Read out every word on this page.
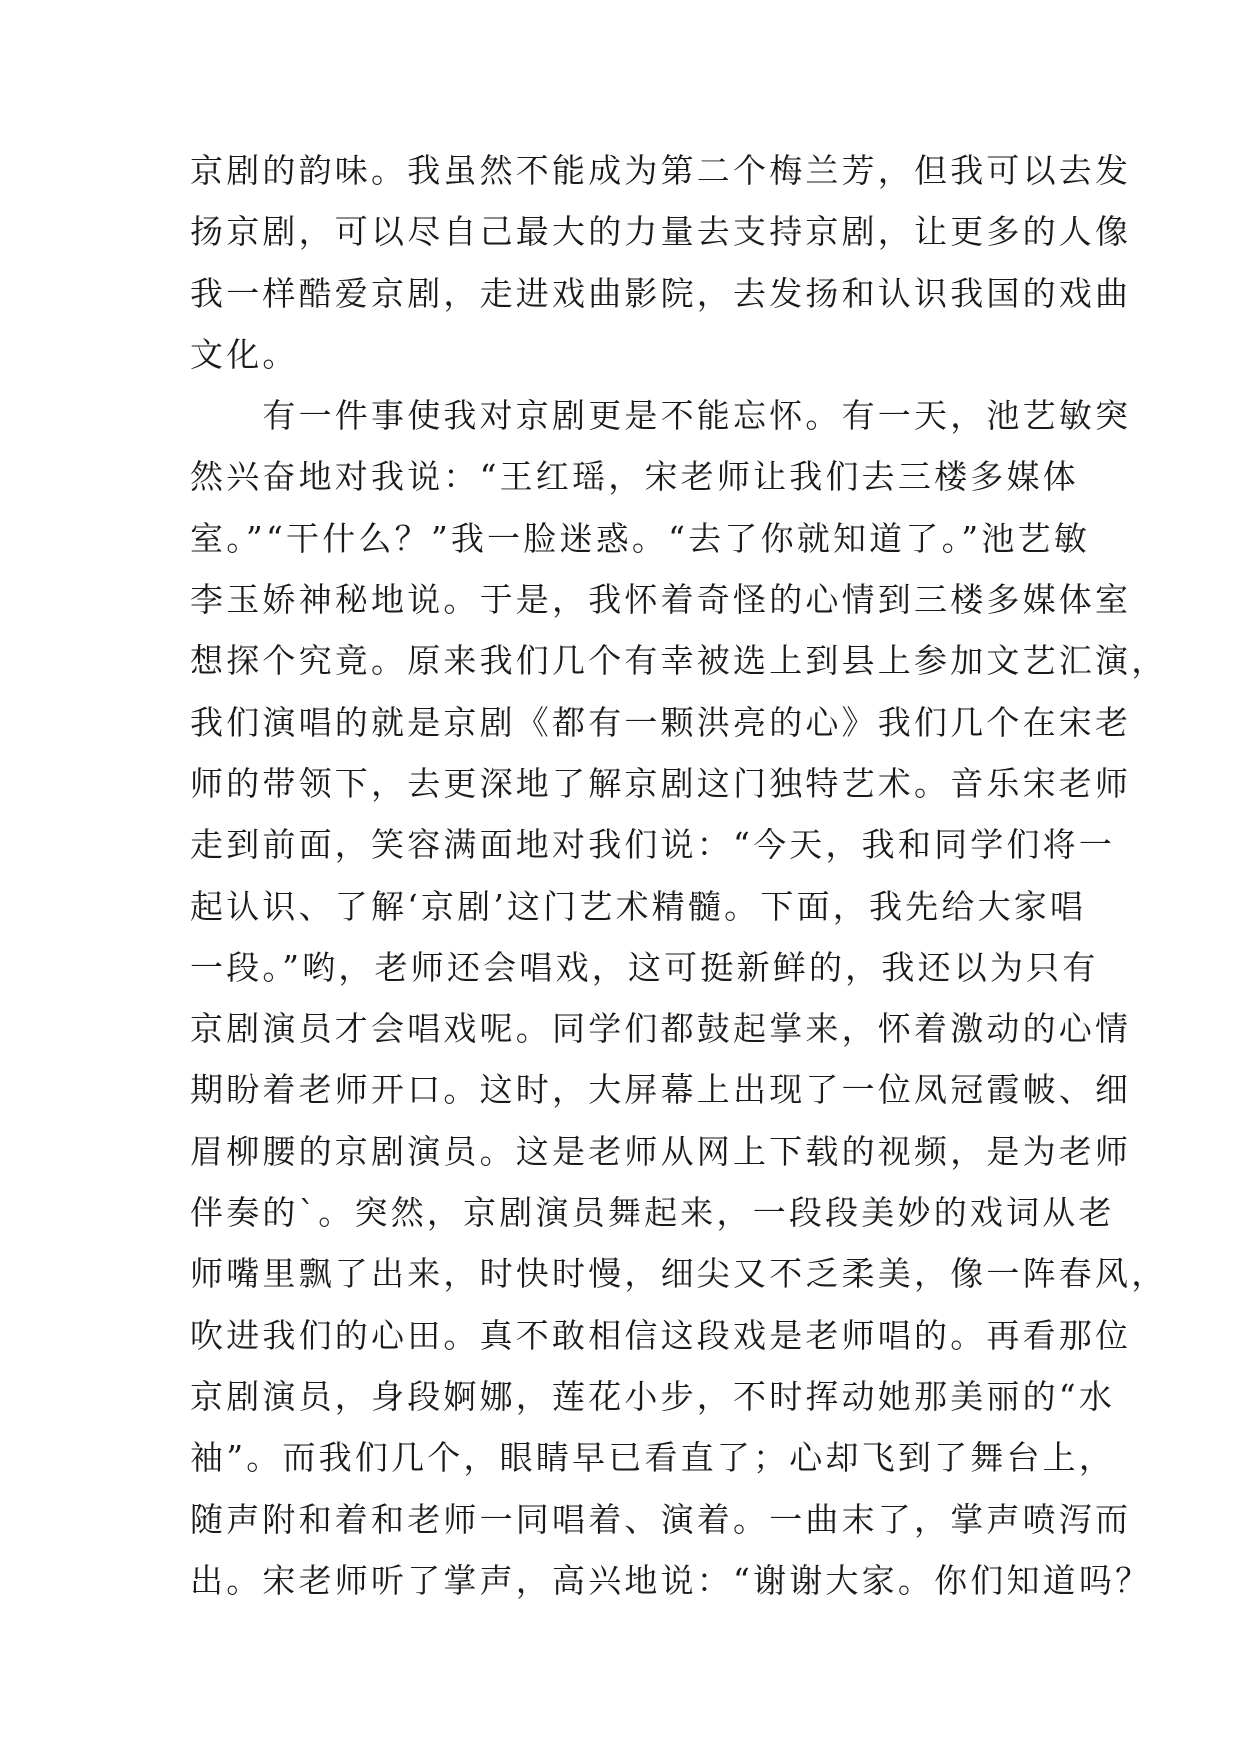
京剧的韵味。我虽然不能成为第二个梅兰芳，但我可以去发
扬京剧，可以尽自己最大的力量去支持京剧，让更多的人像
我一样酷爱京剧，走进戏曲影院，去发扬和认识我国的戏曲
文化。
　　有一件事使我对京剧更是不能忘怀。有一天，池艺敏突
然兴奋地对我说：“王红瑶，宋老师让我们去三楼多媒体
室。”“干什么？”我一脸迷惑。“去了你就知道了。”池艺敏
李玉娇神秘地说。于是，我怀着奇怪的心情到三楼多媒体室
想探个究竟。原来我们几个有幸被选上到县上参加文艺汇演，
我们演唱的就是京剧《都有一颗洪亮的心》我们几个在宋老
师的带领下，去更深地了解京剧这门独特艺术。音乐宋老师
走到前面，笑容满面地对我们说：“今天，我和同学们将一
起认识、了解‘京剧’这门艺术精髓。下面，我先给大家唱
一段。”哟，老师还会唱戏，这可挺新鲜的，我还以为只有
京剧演员才会唱戏呢。同学们都鼓起掌来，怀着激动的心情
期盼着老师开口。这时，大屏幕上出现了一位凤冠霞帔、细
眉柳腰的京剧演员。这是老师从网上下载的视频，是为老师
伴奏的`。突然，京剧演员舞起来，一段段美妙的戏词从老
师嘴里飘了出来，时快时慢，细尖又不乏柔美，像一阵春风，
吹进我们的心田。真不敢相信这段戏是老师唱的。再看那位
京剧演员，身段婀娜，莲花小步，不时挥动她那美丽的“水
袖”。而我们几个，眼睛早已看直了；心却飞到了舞台上，
随声附和着和老师一同唱着、演着。一曲末了，掌声喷泻而
出。宋老师听了掌声，高兴地说：“谢谢大家。你们知道吗？
